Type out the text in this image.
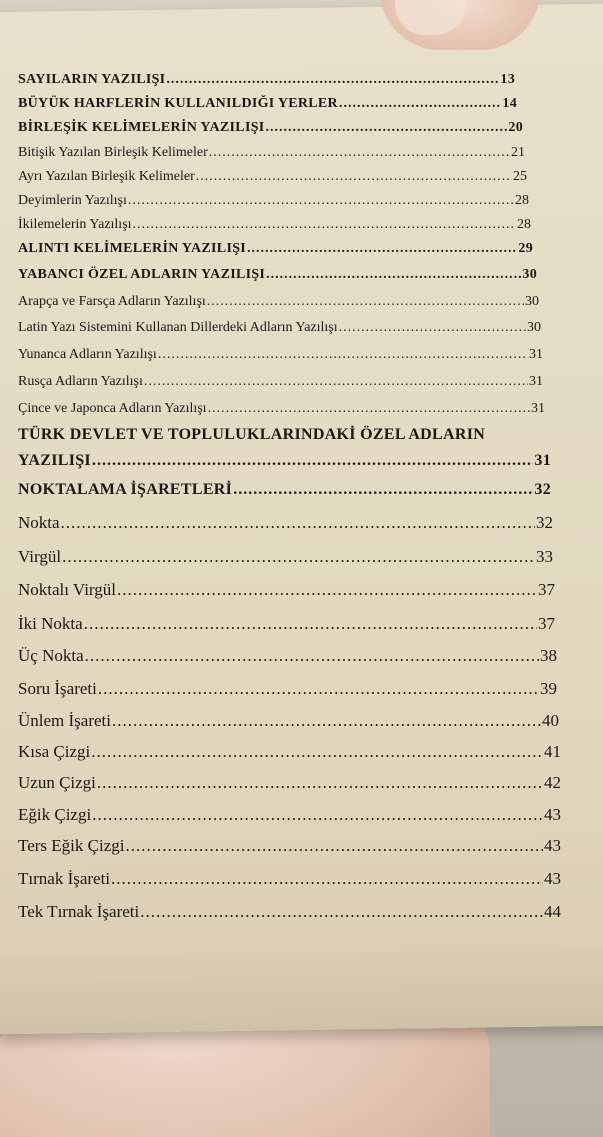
SAYILARIN YAZILIŞI .....	13
BÜYÜK HARFLERİN KULLANILDIĞI YERLER .....	14
BİRLEŞİK KELİMELERİN YAZILIŞI .....	20
Bitişik Yazılan Birleşik Kelimeler .....	21
Ayrı Yazılan Birleşik Kelimeler .....	25
Deyimlerin Yazılışı .....	28
İkilemelerin Yazılışı .....	28
ALINTI KELİMELERİN YAZILIŞI .....	29
YABANCI ÖZEL ADLARIN YAZILIŞI .....	30
Arapça ve Farsça Adların Yazılışı .....	30
Latin Yazı Sistemini Kullanan Dillerdeki Adların Yazılışı .....	30
Yunanca Adların Yazılışı .....	31
Rusça Adların Yazılışı .....	31
Çince ve Japonca Adların Yazılışı .....	31
TÜRK DEVLET VE TOPLULUKLARINDAKİ ÖZEL ADLARIN
YAZILIŞI .....	31
NOKTALAMA İŞARETLERİ .....	32
Nokta .....	32
Virgül .....	33
Noktalı Virgül .....	37
İki Nokta .....	37
Üç Nokta .....	38
Soru İşareti .....	39
Ünlem İşareti .....	40
Kısa Çizgi .....	41
Uzun Çizgi .....	42
Eğik Çizgi .....	43
Ters Eğik Çizgi .....	43
Tırnak İşareti .....	43
Tek Tırnak İşareti .....	44
